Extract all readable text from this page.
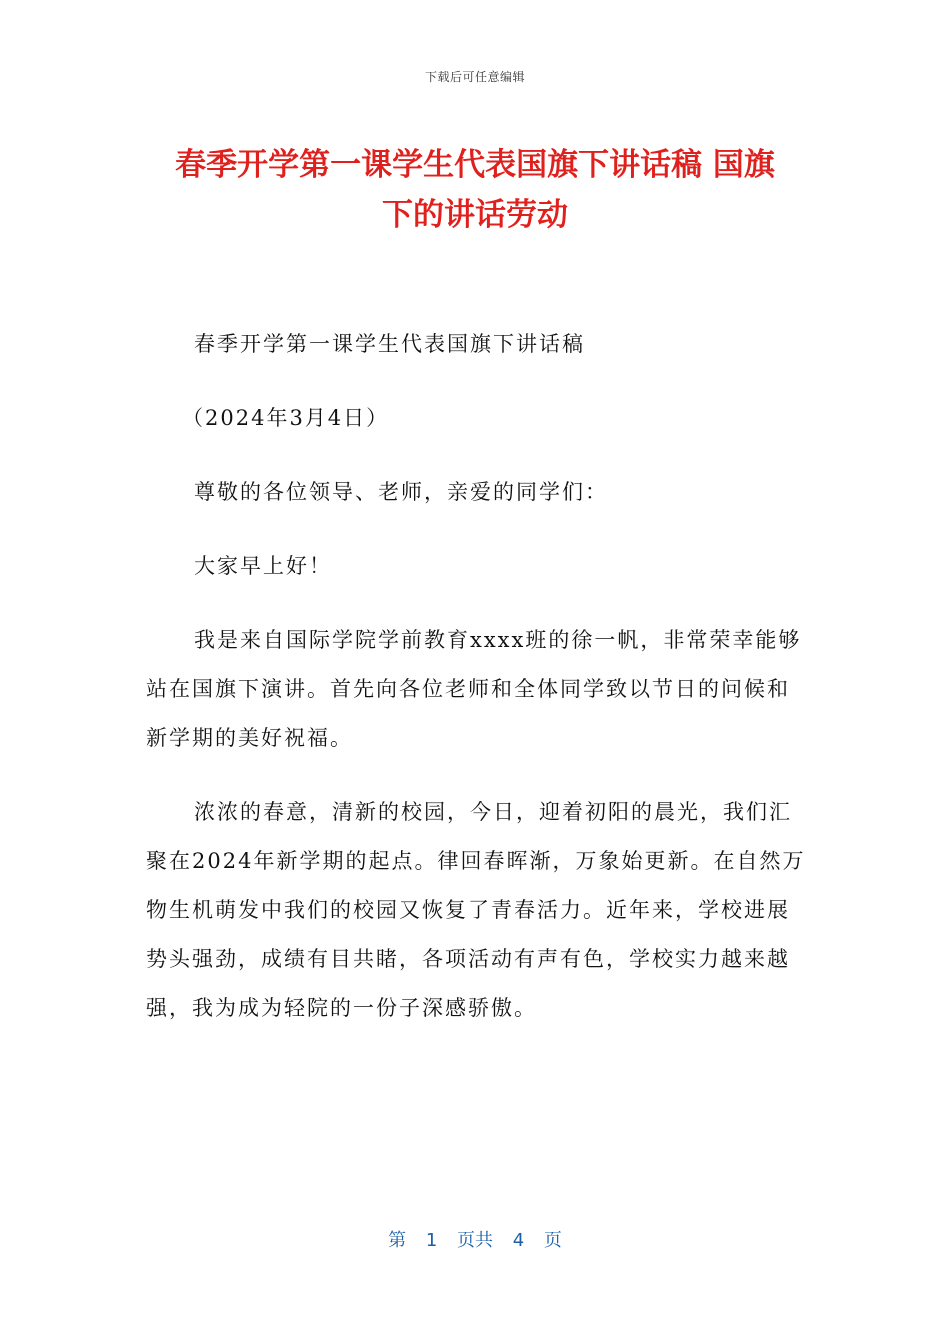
下载后可任意编辑
春季开学第一课学生代表国旗下讲话稿 国旗
下的讲话劳动

春季开学第一课学生代表国旗下讲话稿

（2024年3月4日）

尊敬的各位领导、老师，亲爱的同学们：

大家早上好！

我是来自国际学院学前教育xxxx班的徐一帆，非常荣幸能够站在国旗下演讲。首先向各位老师和全体同学致以节日的问候和新学期的美好祝福。

浓浓的春意，清新的校园，今日，迎着初阳的晨光，我们汇聚在2024年新学期的起点。律回春晖渐，万象始更新。在自然万物生机萌发中我们的校园又恢复了青春活力。近年来，学校进展势头强劲，成绩有目共睹，各项活动有声有色，学校实力越来越强，我为成为轻院的一份子深感骄傲。

第 1 页共 4 页
